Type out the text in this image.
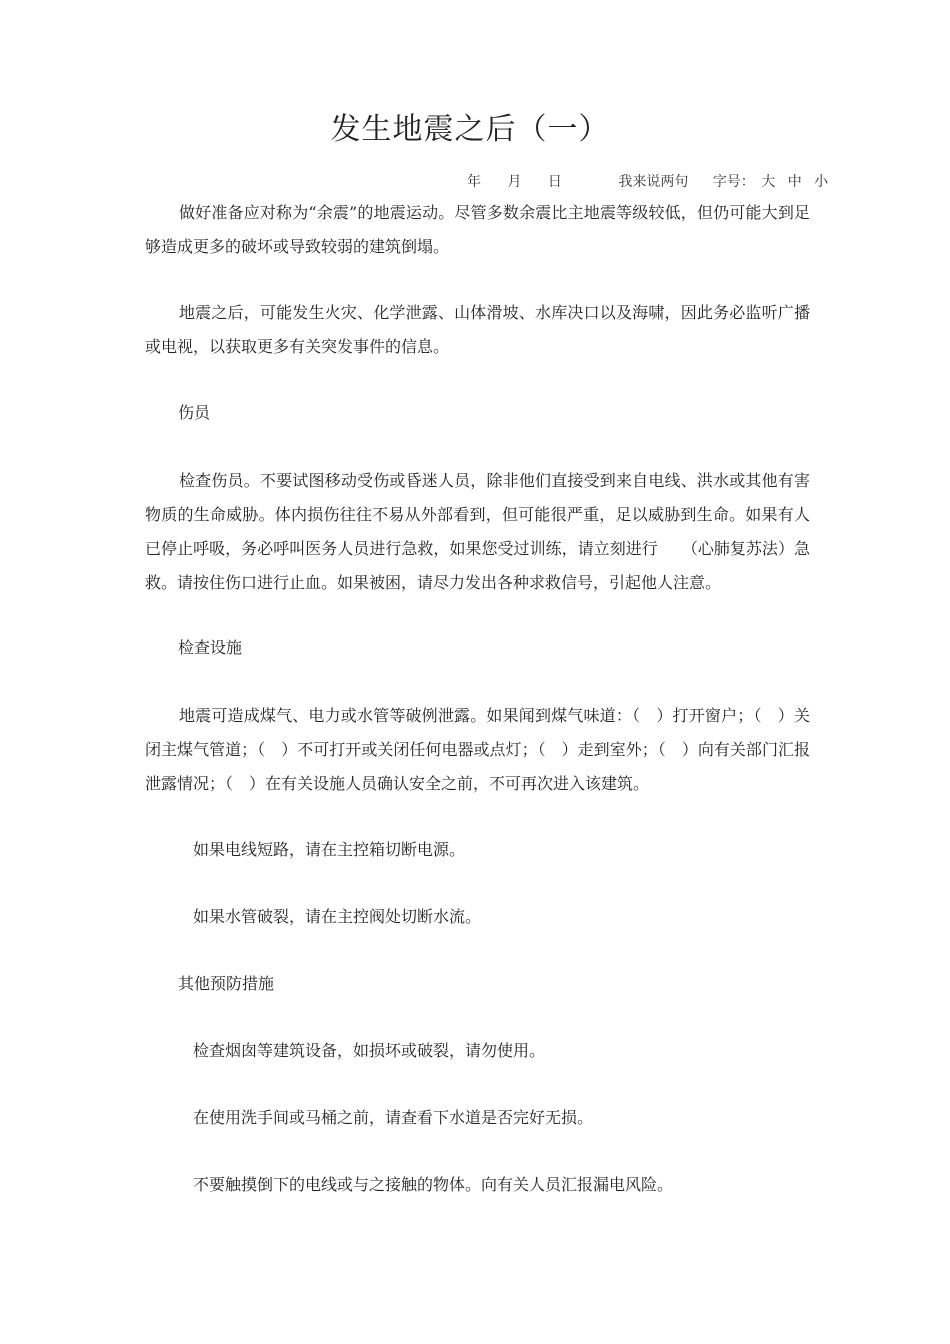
发生地震之后（一）
年 月 日	我来说两句 字号： 大 中 小
做好准备应对称为“余震”的地震运动。尽管多数余震比主地震等级较低，但仍可能大到足够造成更多的破坏或导致较弱的建筑倒塌。
地震之后，可能发生火灾、化学泄露、山体滑坡、水库决口以及海啸，因此务必监听广播或电视，以获取更多有关突发事件的信息。
伤员
检查伤员。不要试图移动受伤或昏迷人员，除非他们直接受到来自电线、洪水或其他有害物质的生命威胁。体内损伤往往不易从外部看到，但可能很严重，足以威胁到生命。如果有人已停止呼吸，务必呼叫医务人员进行急救，如果您受过训练，请立刻进行　　（心肺复苏法）急救。请按住伤口进行止血。如果被困，请尽力发出各种求救信号，引起他人注意。
检查设施
地震可造成煤气、电力或水管等破例泄露。如果闻到煤气味道：（　）打开窗户；（　）关闭主煤气管道；（　）不可打开或关闭任何电器或点灯；（　）走到室外；（　）向有关部门汇报泄露情况；（　）在有关设施人员确认安全之前，不可再次进入该建筑。
如果电线短路，请在主控箱切断电源。
如果水管破裂，请在主控阀处切断水流。
其他预防措施
检查烟囱等建筑设备，如损坏或破裂，请勿使用。
在使用洗手间或马桶之前，请查看下水道是否完好无损。
不要触摸倒下的电线或与之接触的物体。向有关人员汇报漏电风险。
